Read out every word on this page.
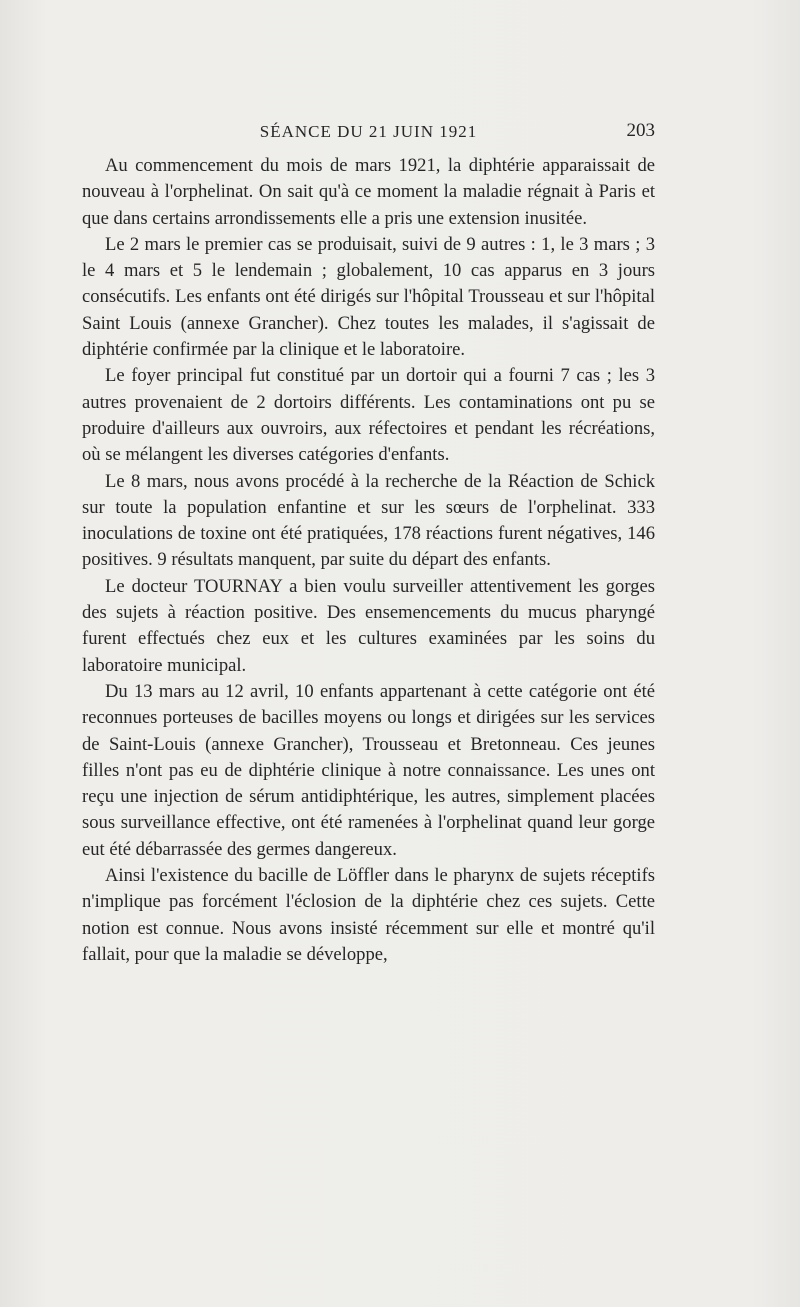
SÉANCE DU 21 JUIN 1921	203

Au commencement du mois de mars 1921, la diphtérie apparaissait de nouveau à l'orphelinat. On sait qu'à ce moment la maladie régnait à Paris et que dans certains arrondissements elle a pris une extension inusitée.

Le 2 mars le premier cas se produisait, suivi de 9 autres : 1, le 3 mars ; 3 le 4 mars et 5 le lendemain ; globalement, 10 cas apparus en 3 jours consécutifs. Les enfants ont été dirigés sur l'hôpital Trousseau et sur l'hôpital Saint Louis (annexe Grancher). Chez toutes les malades, il s'agissait de diphtérie confirmée par la clinique et le laboratoire.

Le foyer principal fut constitué par un dortoir qui a fourni 7 cas ; les 3 autres provenaient de 2 dortoirs différents. Les contaminations ont pu se produire d'ailleurs aux ouvroirs, aux réfectoires et pendant les récréations, où se mélangent les diverses catégories d'enfants.

Le 8 mars, nous avons procédé à la recherche de la Réaction de Schick sur toute la population enfantine et sur les sœurs de l'orphelinat. 333 inoculations de toxine ont été pratiquées, 178 réactions furent négatives, 146 positives. 9 résultats manquent, par suite du départ des enfants.

Le docteur TOURNAY a bien voulu surveiller attentivement les gorges des sujets à réaction positive. Des ensemencements du mucus pharyngé furent effectués chez eux et les cultures examinées par les soins du laboratoire municipal.

Du 13 mars au 12 avril, 10 enfants appartenant à cette catégorie ont été reconnues porteuses de bacilles moyens ou longs et dirigées sur les services de Saint-Louis (annexe Grancher), Trousseau et Bretonneau. Ces jeunes filles n'ont pas eu de diphtérie clinique à notre connaissance. Les unes ont reçu une injection de sérum antidiphtérique, les autres, simplement placées sous surveillance effective, ont été ramenées à l'orphelinat quand leur gorge eut été débarrassée des germes dangereux.

Ainsi l'existence du bacille de Löffler dans le pharynx de sujets réceptifs n'implique pas forcément l'éclosion de la diphtérie chez ces sujets. Cette notion est connue. Nous avons insisté récemment sur elle et montré qu'il fallait, pour que la maladie se développe,
